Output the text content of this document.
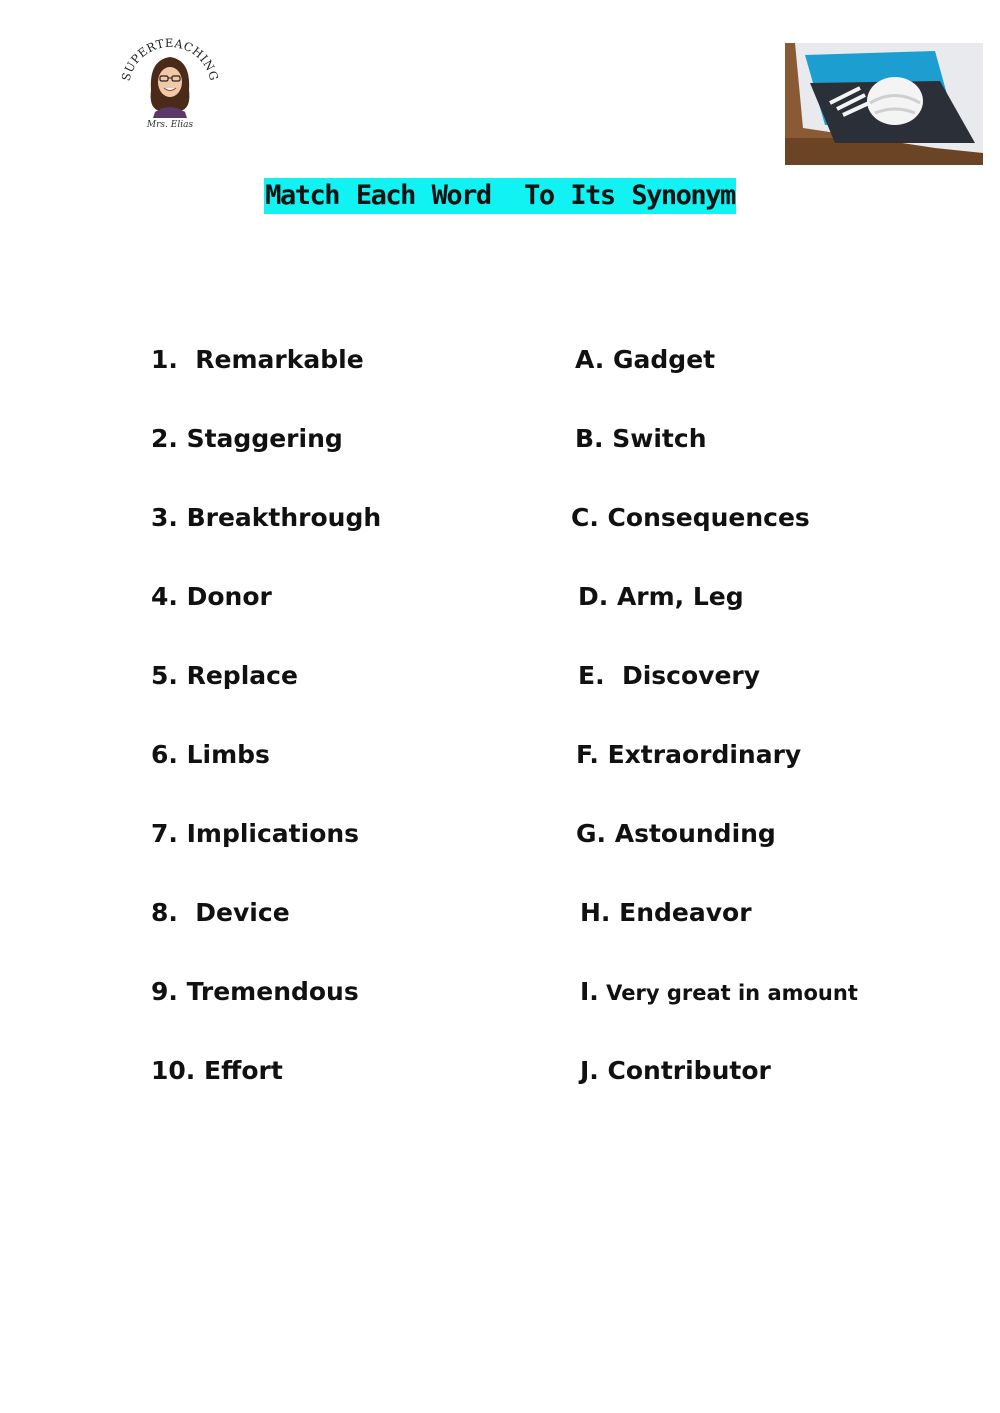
SUPERTEACHING
Mrs. Elias
Match Each Word  To Its Synonym
1.  Remarkable
2. Staggering
3. Breakthrough
4. Donor
5. Replace
6. Limbs
7. Implications
8.  Device
9. Tremendous
10. Effort
A. Gadget
B. Switch
C. Consequences
D. Arm, Leg
E.  Discovery
F. Extraordinary
G. Astounding
H. Endeavor
I. Very great in amount
J. Contributor
